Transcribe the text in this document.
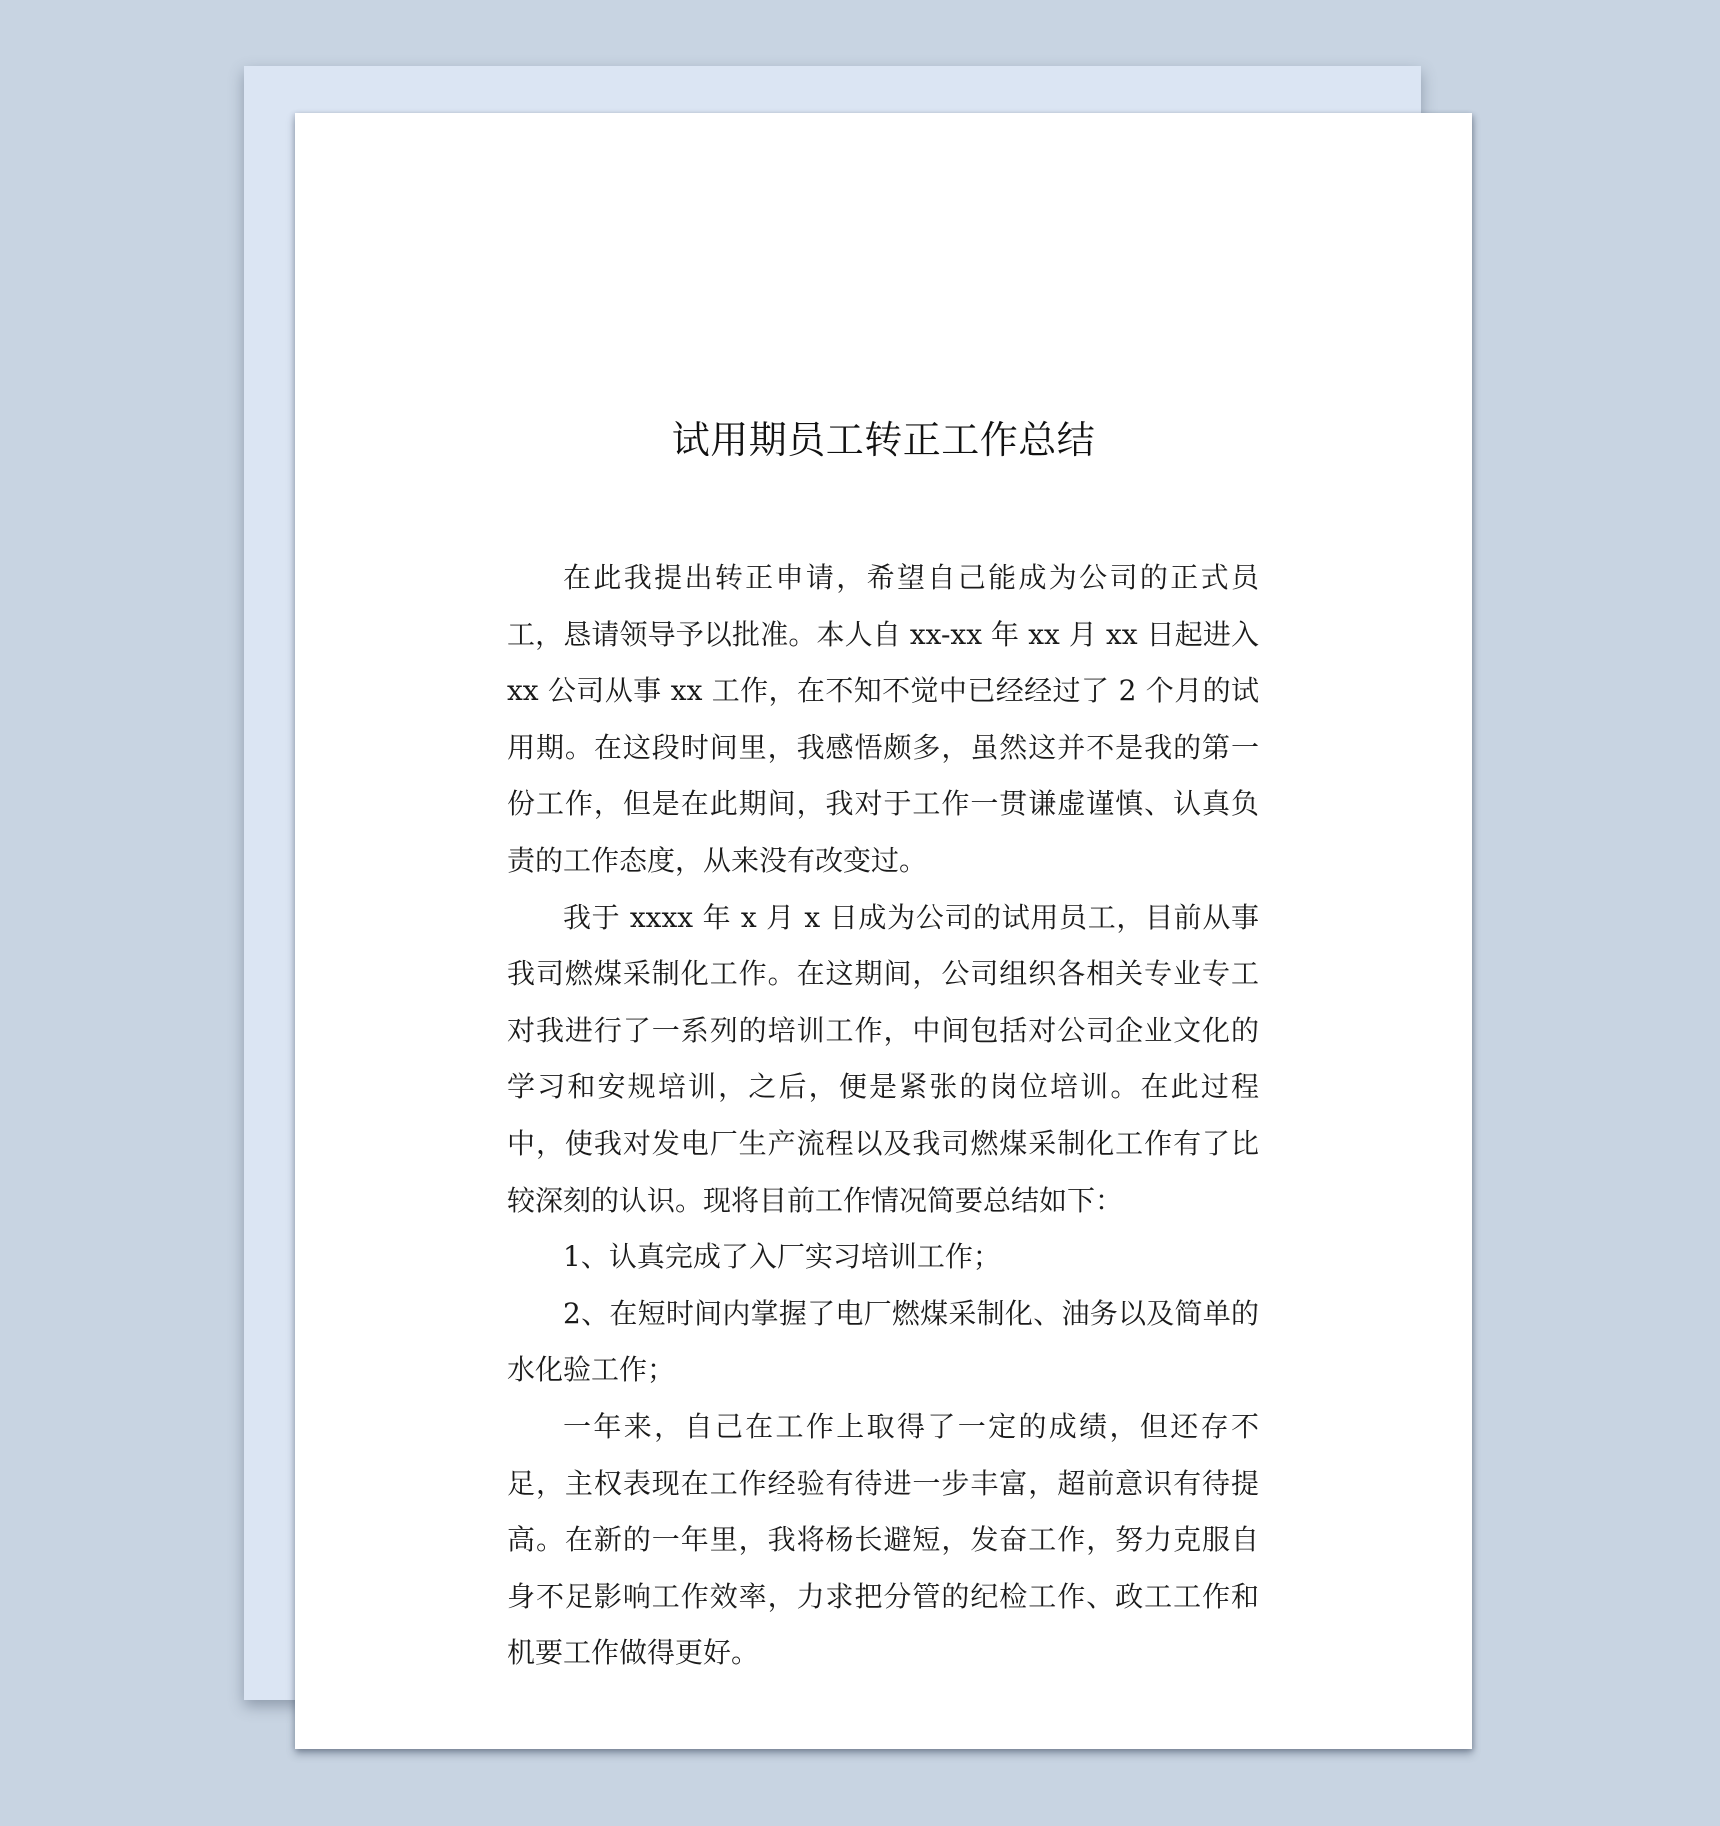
试用期员工转正工作总结

在此我提出转正申请，希望自己能成为公司的正式员工，恳请领导予以批准。本人自 xx-xx 年 xx 月 xx 日起进入 xx 公司从事 xx 工作，在不知不觉中已经经过了 2 个月的试用期。在这段时间里，我感悟颇多，虽然这并不是我的第一份工作，但是在此期间，我对于工作一贯谦虚谨慎、认真负责的工作态度，从来没有改变过。

我于 xxxx 年 x 月 x 日成为公司的试用员工，目前从事我司燃煤采制化工作。在这期间，公司组织各相关专业专工对我进行了一系列的培训工作，中间包括对公司企业文化的学习和安规培训，之后，便是紧张的岗位培训。在此过程中，使我对发电厂生产流程以及我司燃煤采制化工作有了比较深刻的认识。现将目前工作情况简要总结如下：

1、认真完成了入厂实习培训工作；

2、在短时间内掌握了电厂燃煤采制化、油务以及简单的水化验工作；

一年来，自己在工作上取得了一定的成绩，但还存不足，主权表现在工作经验有待进一步丰富，超前意识有待提高。在新的一年里，我将杨长避短，发奋工作，努力克服自身不足影响工作效率，力求把分管的纪检工作、政工工作和机要工作做得更好。
